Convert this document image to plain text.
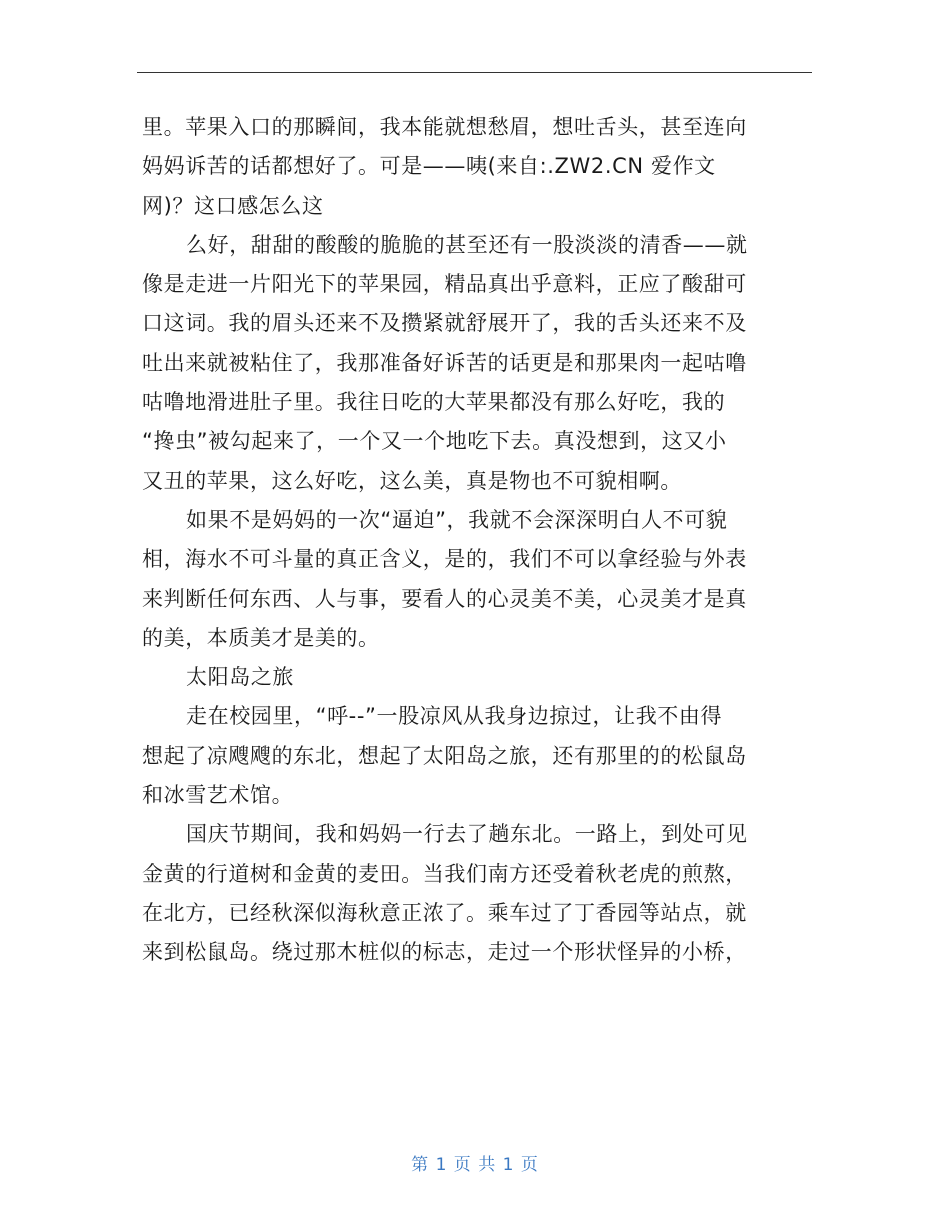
里。苹果入口的那瞬间，我本能就想愁眉，想吐舌头，甚至连向
妈妈诉苦的话都想好了。可是——咦(来自:.ZW2.CN 爱作文
网)？这口感怎么这
么好，甜甜的酸酸的脆脆的甚至还有一股淡淡的清香——就
像是走进一片阳光下的苹果园，精品真出乎意料，正应了酸甜可
口这词。我的眉头还来不及攒紧就舒展开了，我的舌头还来不及
吐出来就被粘住了，我那准备好诉苦的话更是和那果肉一起咕噜
咕噜地滑进肚子里。我往日吃的大苹果都没有那么好吃，我的
“搀虫”被勾起来了，一个又一个地吃下去。真没想到，这又小
又丑的苹果，这么好吃，这么美，真是物也不可貌相啊。
如果不是妈妈的一次“逼迫”，我就不会深深明白人不可貌
相，海水不可斗量的真正含义，是的，我们不可以拿经验与外表
来判断任何东西、人与事，要看人的心灵美不美，心灵美才是真
的美，本质美才是美的。
太阳岛之旅
走在校园里，“呼--”一股凉风从我身边掠过，让我不由得
想起了凉飕飕的东北，想起了太阳岛之旅，还有那里的的松鼠岛
和冰雪艺术馆。
国庆节期间，我和妈妈一行去了趟东北。一路上，到处可见
金黄的行道树和金黄的麦田。当我们南方还受着秋老虎的煎熬，
在北方，已经秋深似海秋意正浓了。乘车过了丁香园等站点，就
来到松鼠岛。绕过那木桩似的标志，走过一个形状怪异的小桥，
第 1 页 共 1 页
